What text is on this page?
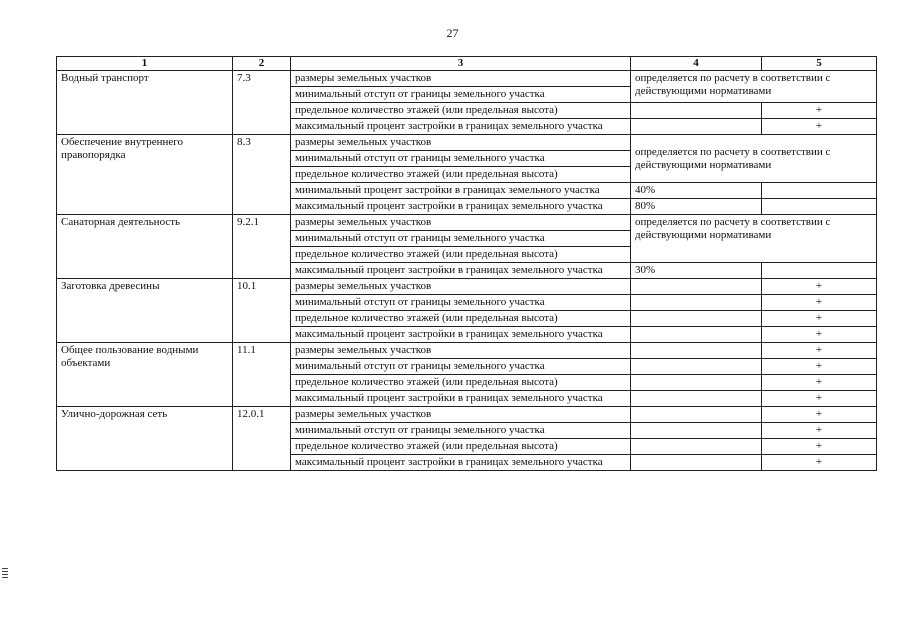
27
1	2	3	4	5
Водный транспорт	7.3	размеры земельных участков	определяется по расчету в соответствии с действующими нормативами	
		минимальный отступ от границы земельного участка		
		предельное количество этажей (или предельная высота)		+
		максимальный процент застройки в границах земельного участка		+
Обеспечение внутреннего правопорядка	8.3	размеры земельных участков	определяется по расчету в соответствии с действующими нормативами	
		минимальный отступ от границы земельного участка		
		предельное количество этажей (или предельная высота)		
		минимальный процент застройки в границах земельного участка	40%	
		максимальный процент застройки в границах земельного участка	80%	
Санаторная деятельность	9.2.1	размеры земельных участков	определяется по расчету в соответствии с действующими нормативами	
		минимальный отступ от границы земельного участка		
		предельное количество этажей (или предельная высота)		
		максимальный процент застройки в границах земельного участка	30%	
Заготовка древесины	10.1	размеры земельных участков		+
		минимальный отступ от границы земельного участка		+
		предельное количество этажей (или предельная высота)		+
		максимальный процент застройки в границах земельного участка		+
Общее пользование водными объектами	11.1	размеры земельных участков		+
		минимальный отступ от границы земельного участка		+
		предельное количество этажей (или предельная высота)		+
		максимальный процент застройки в границах земельного участка		+
Улично-дорожная сеть	12.0.1	размеры земельных участков		+
		минимальный отступ от границы земельного участка		+
		предельное количество этажей (или предельная высота)		+
		максимальный процент застройки в границах земельного участка		+
